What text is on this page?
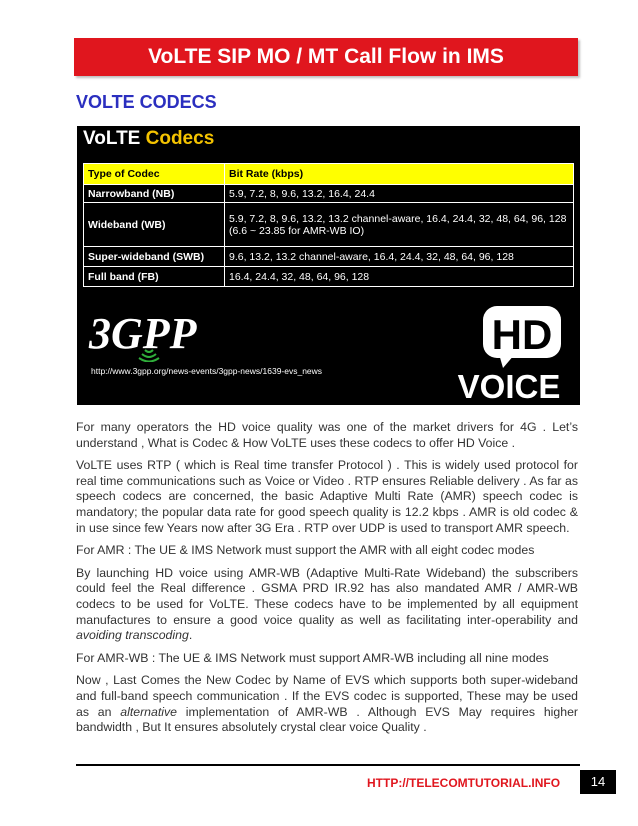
VoLTE SIP MO / MT Call Flow in IMS
VOLTE CODECS
VoLTE Codecs
Type of Codec	Bit Rate (kbps)
Narrowband (NB)	5.9, 7.2, 8, 9.6, 13.2, 16.4, 24.4
Wideband (WB)	5.9, 7.2, 8, 9.6, 13.2, 13.2 channel-aware, 16.4, 24.4, 32, 48, 64, 96, 128 (6.6 ~ 23.85 for AMR-WB IO)
Super-wideband (SWB)	9.6, 13.2, 13.2 channel-aware, 16.4, 24.4, 32, 48, 64, 96, 128
Full band (FB)	16.4, 24.4, 32, 48, 64, 96, 128
3GPP
http://www.3gpp.org/news-events/3gpp-news/1639-evs_news
HD
VOICE

For many operators the HD voice quality was one of the market drivers for 4G . Let’s understand , What is Codec & How VoLTE uses these codecs to offer HD Voice .

VoLTE uses RTP ( which is Real time transfer Protocol ) . This is widely used protocol for real time communications such as Voice or Video . RTP ensures Reliable delivery . As far as speech codecs are concerned, the basic Adaptive Multi Rate (AMR) speech codec is mandatory; the popular data rate for good speech quality is 12.2 kbps . AMR is old codec & in use since few Years now after 3G Era . RTP over UDP is used to transport AMR speech.

For AMR : The UE & IMS Network must support the AMR with all eight codec modes

By launching HD voice using AMR-WB (Adaptive Multi-Rate Wideband) the subscribers could feel the Real difference . GSMA PRD IR.92 has also mandated AMR / AMR-WB codecs to be used for VoLTE. These codecs have to be implemented by all equipment manufactures to ensure a good voice quality as well as facilitating inter-operability and avoiding transcoding.

For AMR-WB : The UE & IMS Network must support AMR-WB including all nine modes

Now , Last Comes the New Codec by Name of EVS which supports both super-wideband and full-band speech communication . If the EVS codec is supported, These may be used as an alternative implementation of AMR-WB . Although EVS May requires higher bandwidth , But It ensures absolutely crystal clear voice Quality .

HTTP://TELECOMTUTORIAL.INFO	14
